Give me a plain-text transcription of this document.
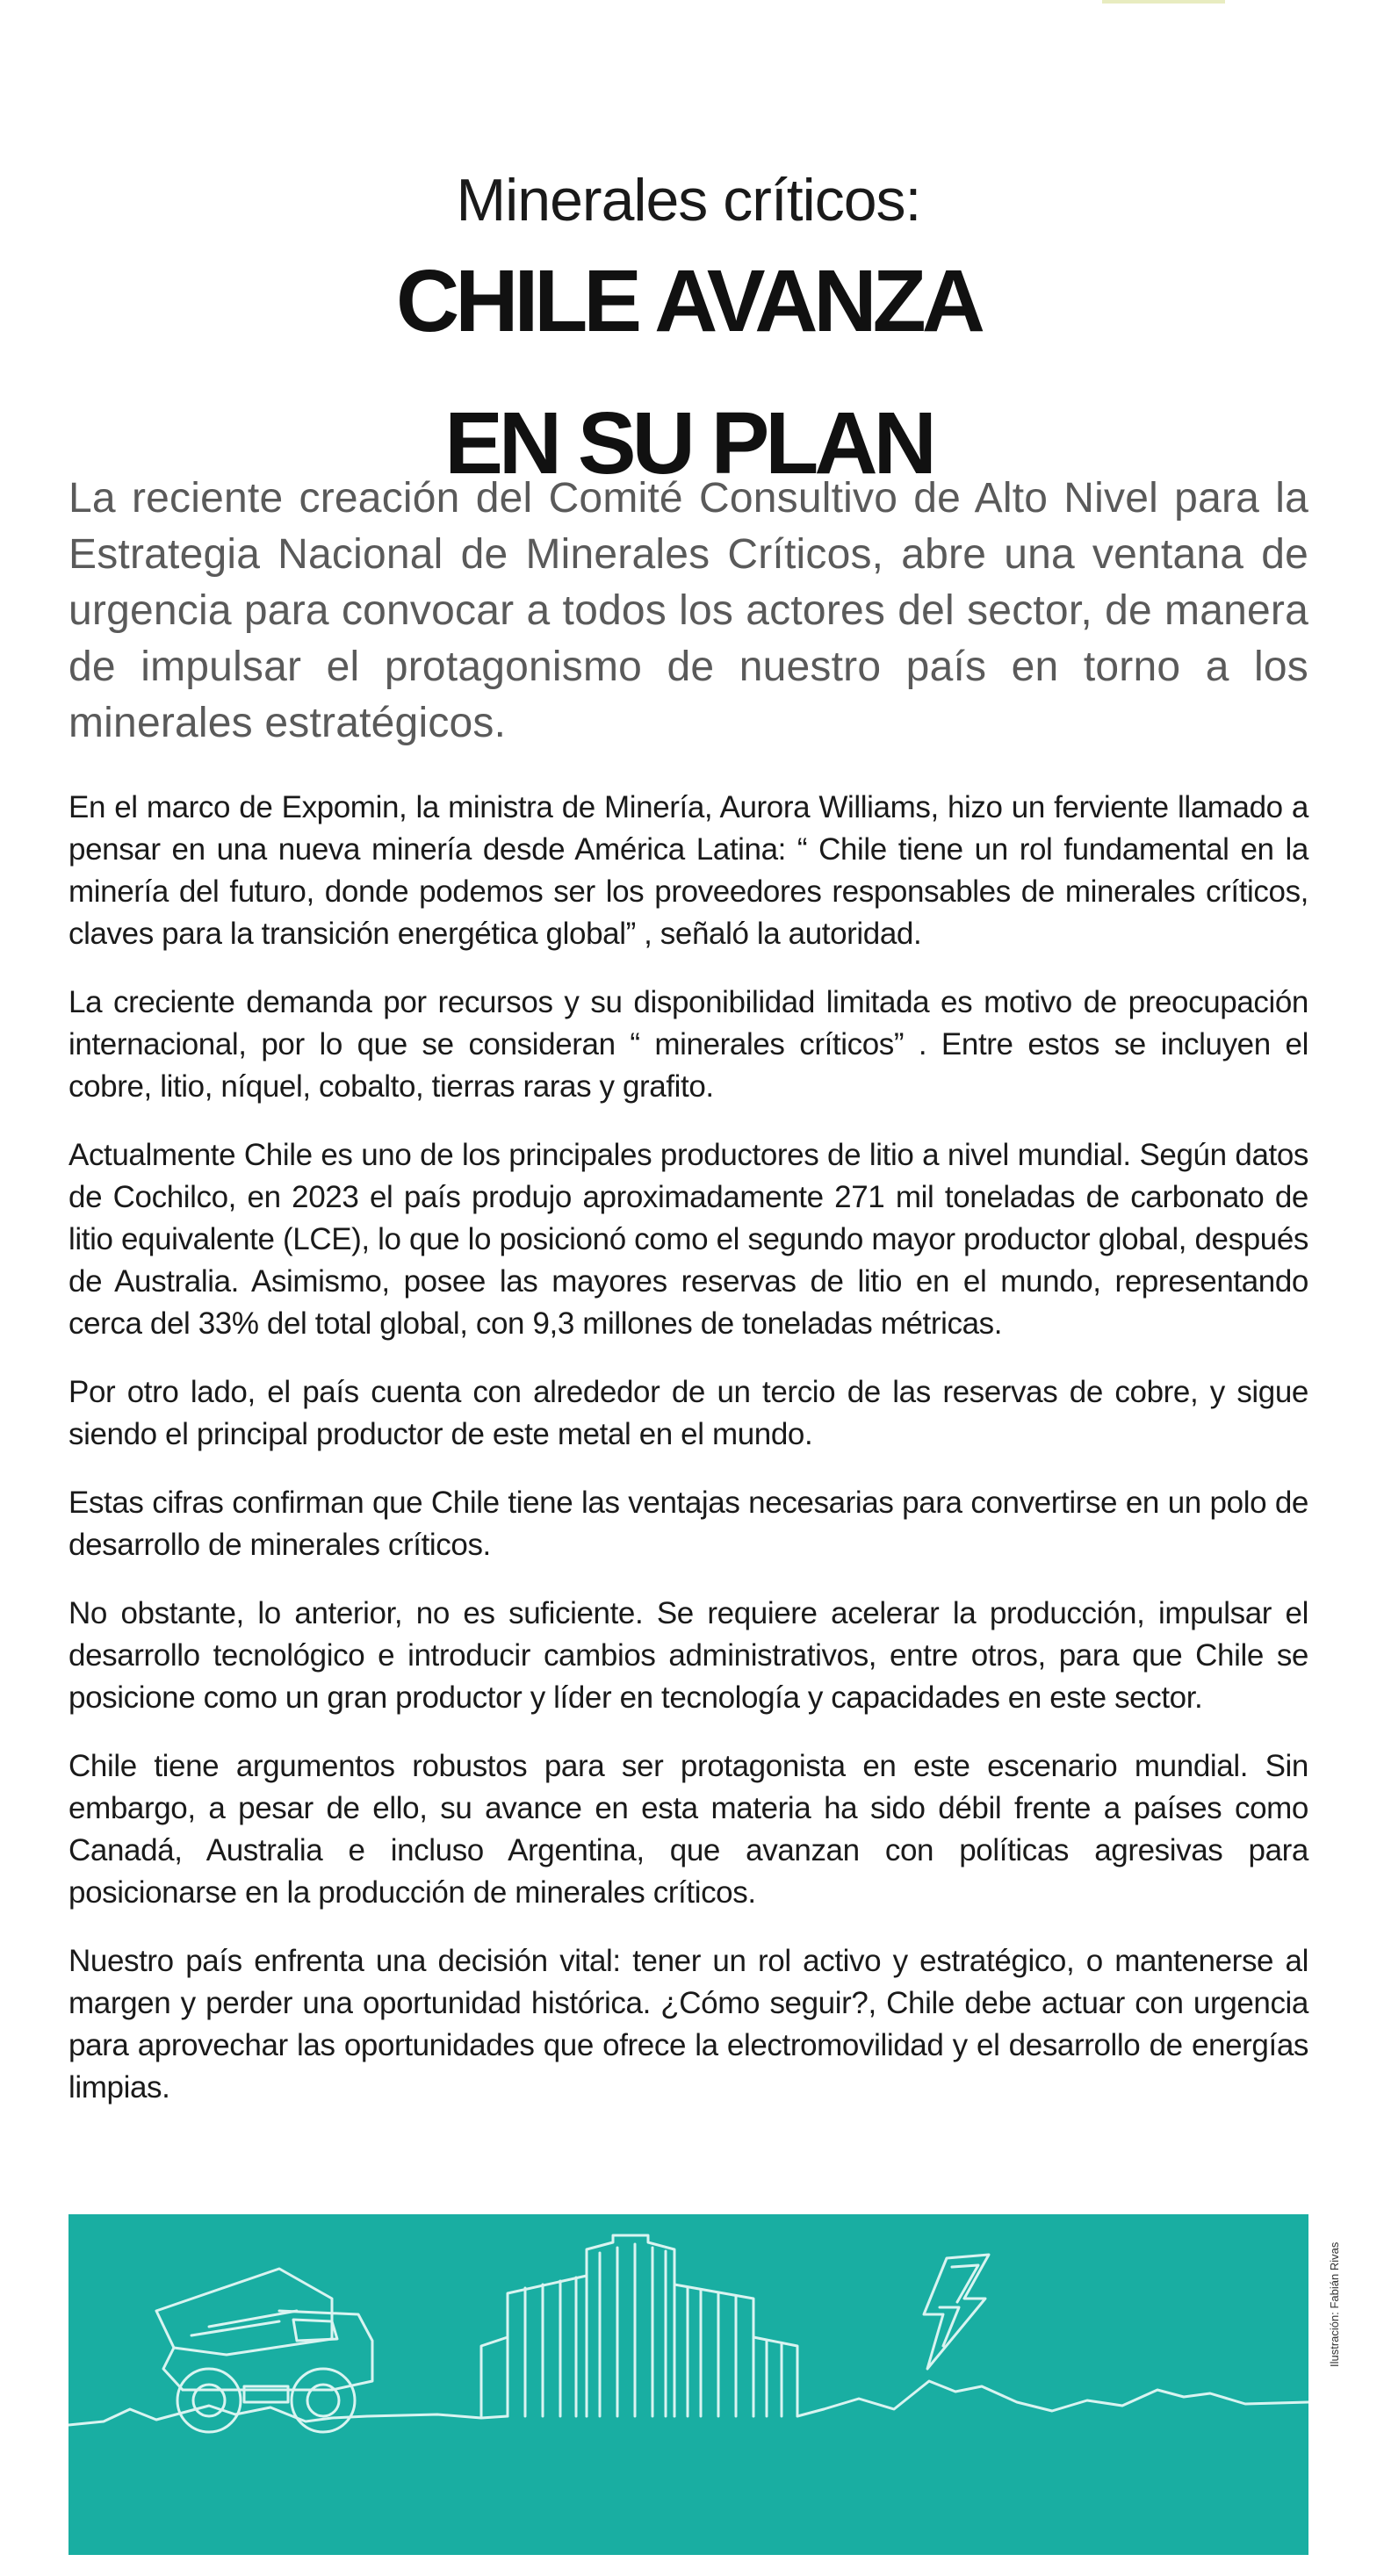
Minerales críticos:
CHILE AVANZA
EN SU PLAN
La reciente creación del Comité Consultivo de Alto Nivel para la Estrategia Nacional de Minerales Críticos, abre una ventana de urgencia para convocar a todos los actores del sector, de manera de impulsar el protagonismo de nuestro país en torno a los minerales estratégicos.

En el marco de Expomin, la ministra de Minería, Aurora Williams, hizo un ferviente llamado a pensar en una nueva minería desde América Latina: “ Chile tiene un rol fundamental en la minería del futuro, donde podemos ser los proveedores responsables de minerales críticos, claves para la transición energética global” , señaló la autoridad.

La creciente demanda por recursos y su disponibilidad limitada es motivo de preocupación internacional, por lo que se consideran “ minerales críticos” . Entre estos se incluyen el cobre, litio, níquel, cobalto, tierras raras y grafito.

Actualmente Chile es uno de los principales productores de litio a nivel mundial. Según datos de Cochilco, en 2023 el país produjo aproximadamente 271 mil toneladas de carbonato de litio equivalente (LCE), lo que lo posicionó como el segundo mayor productor global, después de Australia. Asimismo, posee las mayores reservas de litio en el mundo, representando cerca del 33% del total global, con 9,3 millones de toneladas métricas.

Por otro lado, el país cuenta con alrededor de un tercio de las reservas de cobre, y sigue siendo el principal productor de este metal en el mundo.

Estas cifras confirman que Chile tiene las ventajas necesarias para convertirse en un polo de desarrollo de minerales críticos.

No obstante, lo anterior, no es suficiente. Se requiere acelerar la producción, impulsar el desarrollo tecnológico e introducir cambios administrativos, entre otros, para que Chile se posicione como un gran productor y líder en tecnología y capacidades en este sector.

Chile tiene argumentos robustos para ser protagonista en este escenario mundial. Sin embargo, a pesar de ello, su avance en esta materia ha sido débil frente a países como Canadá, Australia e incluso Argentina, que avanzan con políticas agresivas para posicionarse en la producción de minerales críticos.

Nuestro país enfrenta una decisión vital: tener un rol activo y estratégico, o mantenerse al margen y perder una oportunidad histórica. ¿Cómo seguir?, Chile debe actuar con urgencia para aprovechar las oportunidades que ofrece la electromovilidad y el desarrollo de energías limpias.

Ilustración: Fabián Rivas
